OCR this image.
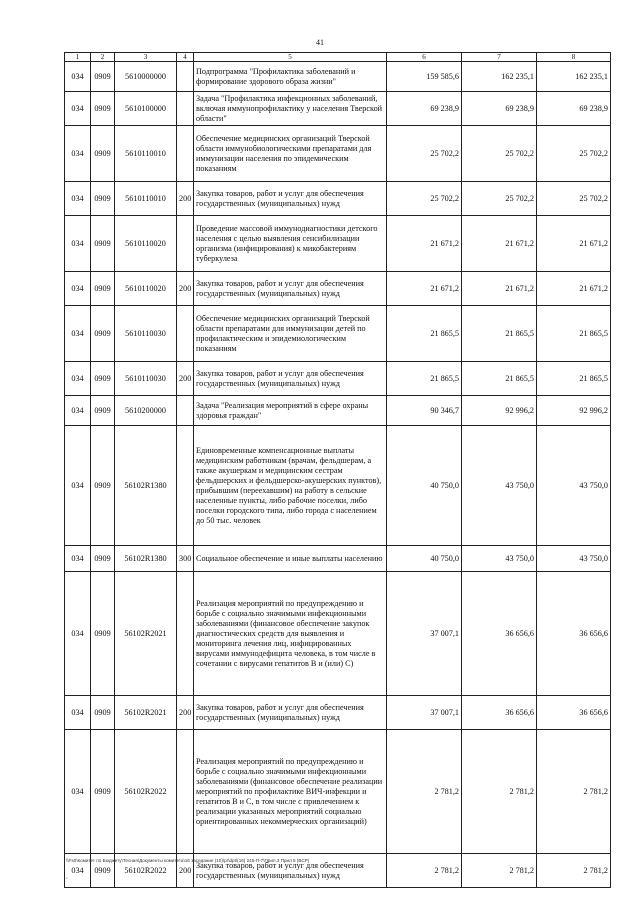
41
1	2	3	4	5	6	7	8
034	0909	5610000000		Подпрограмма "Профилактика заболеваний и формирование здорового образа жизни"	159 585,6	162 235,1	162 235,1
034	0909	5610100000		Задача "Профилактика инфекционных заболеваний, включая иммунопрофилактику у населения Тверской области"	69 238,9	69 238,9	69 238,9
034	0909	5610110010		Обеспечение медицинских организаций Тверской области иммунобиологическими препаратами для иммунизации населения по эпидемическим показаниям	25 702,2	25 702,2	25 702,2
034	0909	5610110010	200	Закупка товаров, работ и услуг для обеспечения государственных (муниципальных) нужд	25 702,2	25 702,2	25 702,2
034	0909	5610110020		Проведение массовой иммунодиагностики детского населения с целью выявления сенсибилизации организма (инфицирования) к микобактериям туберкулеза	21 671,2	21 671,2	21 671,2
034	0909	5610110020	200	Закупка товаров, работ и услуг для обеспечения государственных (муниципальных) нужд	21 671,2	21 671,2	21 671,2
034	0909	5610110030		Обеспечение медицинских организаций Тверской области препаратами для иммунизации детей по профилактическим и эпидемиологическим показаниям	21 865,5	21 865,5	21 865,5
034	0909	5610110030	200	Закупка товаров, работ и услуг для обеспечения государственных (муниципальных) нужд	21 865,5	21 865,5	21 865,5
034	0909	5610200000		Задача "Реализация мероприятий в сфере охраны здоровья граждан"	90 346,7	92 996,2	92 996,2
034	0909	56102R1380		Единовременные компенсационные выплаты медицинским работникам (врачам, фельдшерам, а также акушеркам и медицинским сестрам фельдшерских и фельдшерско-акушерских пунктов), прибывшим (переехавшим) на работу в сельские населенные пункты, либо рабочие поселки, либо поселки городского типа, либо города с населением до 50 тыс. человек	40 750,0	43 750,0	43 750,0
034	0909	56102R1380	300	Социальное обеспечение и иные выплаты населению	40 750,0	43 750,0	43 750,0
034	0909	56102R2021		Реализация мероприятий по предупреждению и борьбе с социально значимыми инфекционными заболеваниями (финансовое обеспечение закупок диагностических средств для выявления и мониторинга лечения лиц, инфицированных вирусами иммунодефицита человека, в том числе в сочетании с вирусами гепатитов В и (или) С)	37 007,1	36 656,6	36 656,6
034	0909	56102R2021	200	Закупка товаров, работ и услуг для обеспечения государственных (муниципальных) нужд	37 007,1	36 656,6	36 656,6
034	0909	56102R2022		Реализация мероприятий по предупреждению и борьбе с социально значимыми инфекционными заболеваниями (финансовое обеспечение реализации мероприятий по профилактике ВИЧ-инфекции и гепатитов В и С, в том числе с привлечением к реализации указанных мероприятий социально ориентированных некоммерческих организаций)	2 781,2	2 781,2	2 781,2
034	0909	56102R2022	200	Закупка товаров, работ и услуг для обеспечения государственных (муниципальных) нужд	2 781,2	2 781,2	2 781,2
\\Fs0\Комитет по Бюджету\Тесная\Документы комитета\16 заседание (10)\pr\dpt\(16) 245-П-7\Прил.3 Прил 5 (ВСР)
*
